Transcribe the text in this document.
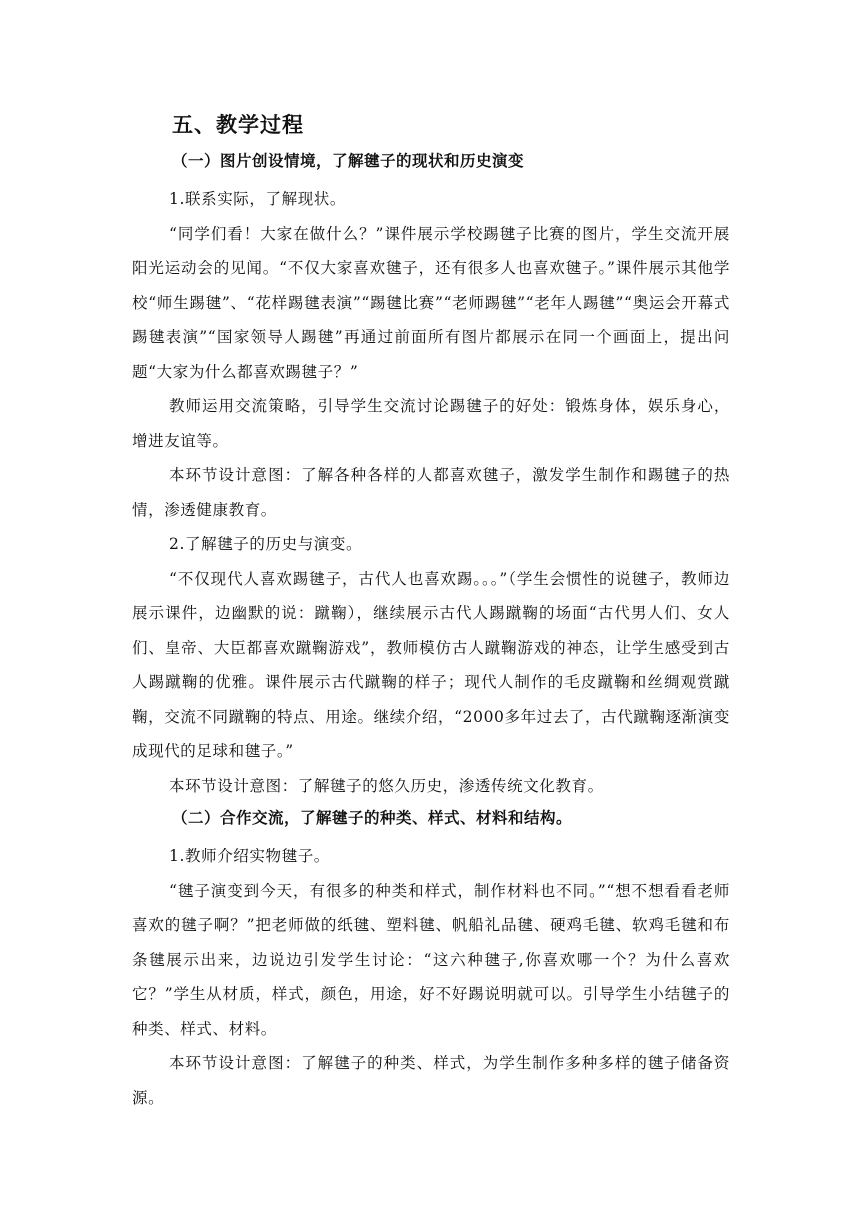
五、教学过程
（一）图片创设情境，了解毽子的现状和历史演变

1.联系实际，了解现状。

“同学们看！大家在做什么？”课件展示学校踢毽子比赛的图片，学生交流开展阳光运动会的见闻。“不仅大家喜欢毽子，还有很多人也喜欢毽子。”课件展示其他学校“师生踢毽”、“花样踢毽表演”“踢毽比赛”“老师踢毽”“老年人踢毽”“奥运会开幕式踢毽表演”“国家领导人踢毽”再通过前面所有图片都展示在同一个画面上，提出问题“大家为什么都喜欢踢毽子？”

教师运用交流策略，引导学生交流讨论踢毽子的好处：锻炼身体，娱乐身心，增进友谊等。

本环节设计意图：了解各种各样的人都喜欢毽子，激发学生制作和踢毽子的热情，渗透健康教育。

2.了解毽子的历史与演变。

“不仅现代人喜欢踢毽子，古代人也喜欢踢。。。”（学生会惯性的说毽子，教师边展示课件，边幽默的说：蹴鞠），继续展示古代人踢蹴鞠的场面“古代男人们、女人们、皇帝、大臣都喜欢蹴鞠游戏”，教师模仿古人蹴鞠游戏的神态，让学生感受到古人踢蹴鞠的优雅。课件展示古代蹴鞠的样子；现代人制作的毛皮蹴鞠和丝绸观赏蹴鞠，交流不同蹴鞠的特点、用途。继续介绍，“2000多年过去了，古代蹴鞠逐渐演变成现代的足球和毽子。”

本环节设计意图：了解毽子的悠久历史，渗透传统文化教育。

（二）合作交流，了解毽子的种类、样式、材料和结构。

1.教师介绍实物毽子。

“毽子演变到今天，有很多的种类和样式，制作材料也不同。”“想不想看看老师喜欢的毽子啊？”把老师做的纸毽、塑料毽、帆船礼品毽、硬鸡毛毽、软鸡毛毽和布条毽展示出来，边说边引发学生讨论：“这六种毽子,你喜欢哪一个？为什么喜欢它？”学生从材质，样式，颜色，用途，好不好踢说明就可以。引导学生小结毽子的种类、样式、材料。

本环节设计意图：了解毽子的种类、样式，为学生制作多种多样的毽子储备资源。
